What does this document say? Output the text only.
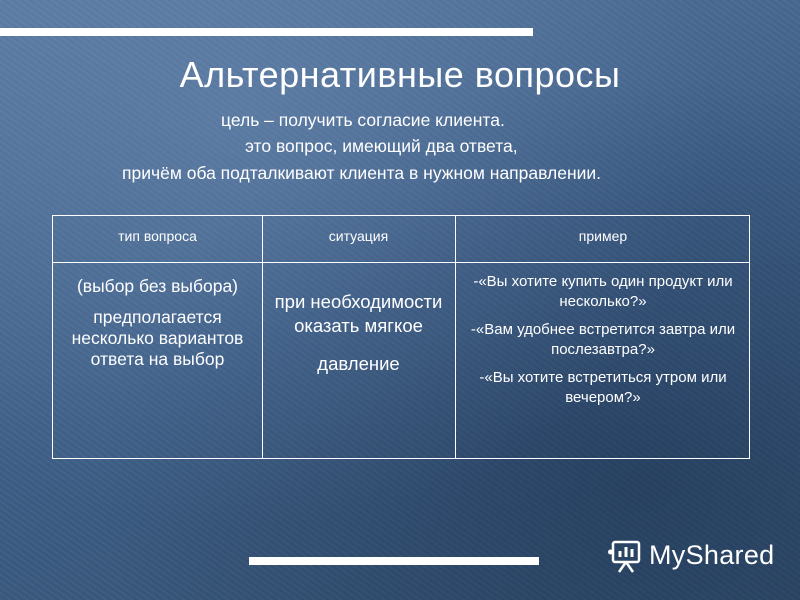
Альтернативные вопросы
цель – получить согласие клиента.
это вопрос, имеющий два ответа,
причём оба подталкивают клиента в нужном направлении.
тип вопроса	ситуация	пример
(выбор без выбора)
предполагается несколько вариантов ответа на выбор
при необходимости оказать мягкое
давление
-«Вы хотите купить один продукт или несколько?»
-«Вам удобнее встретится завтра или послезавтра?»
-«Вы хотите встретиться утром или вечером?»
MyShared
